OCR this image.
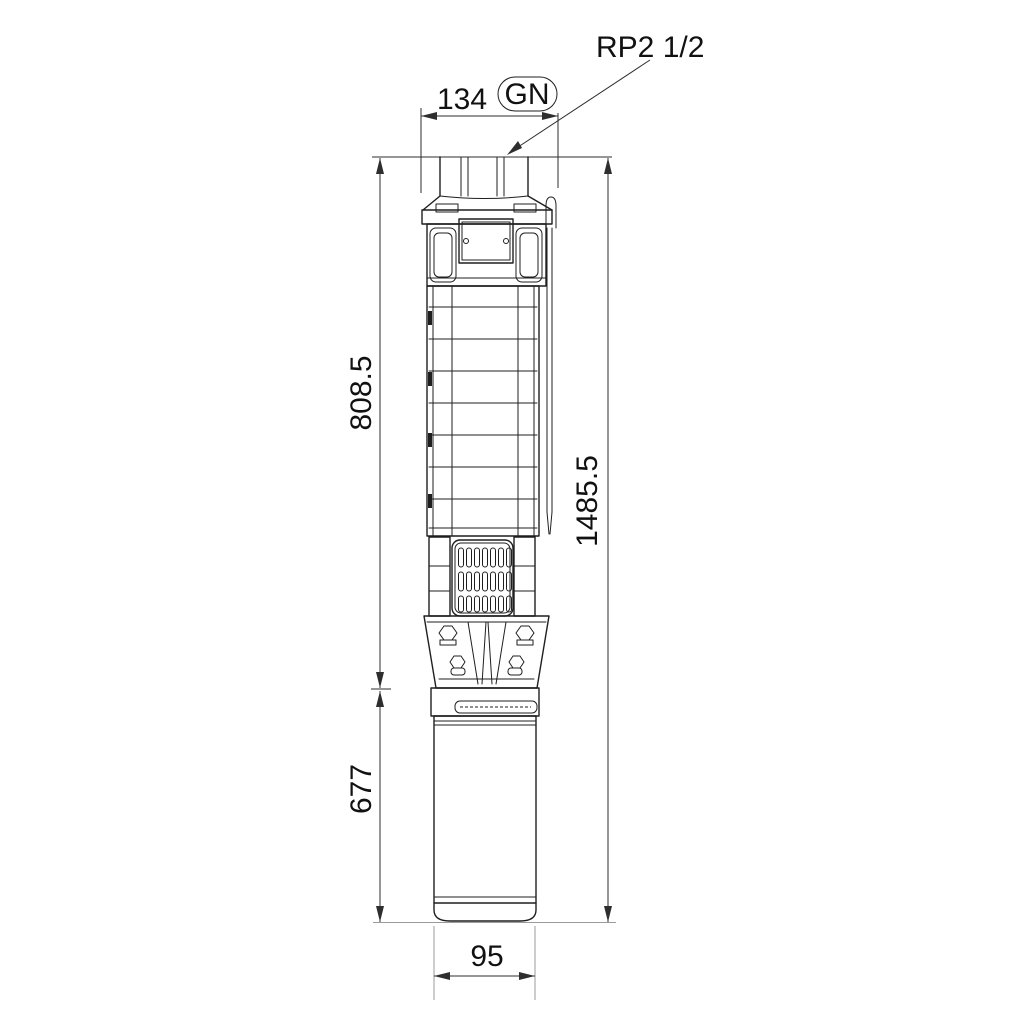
134 GN
RP2 1/2
808.5
677
1485.5
95
